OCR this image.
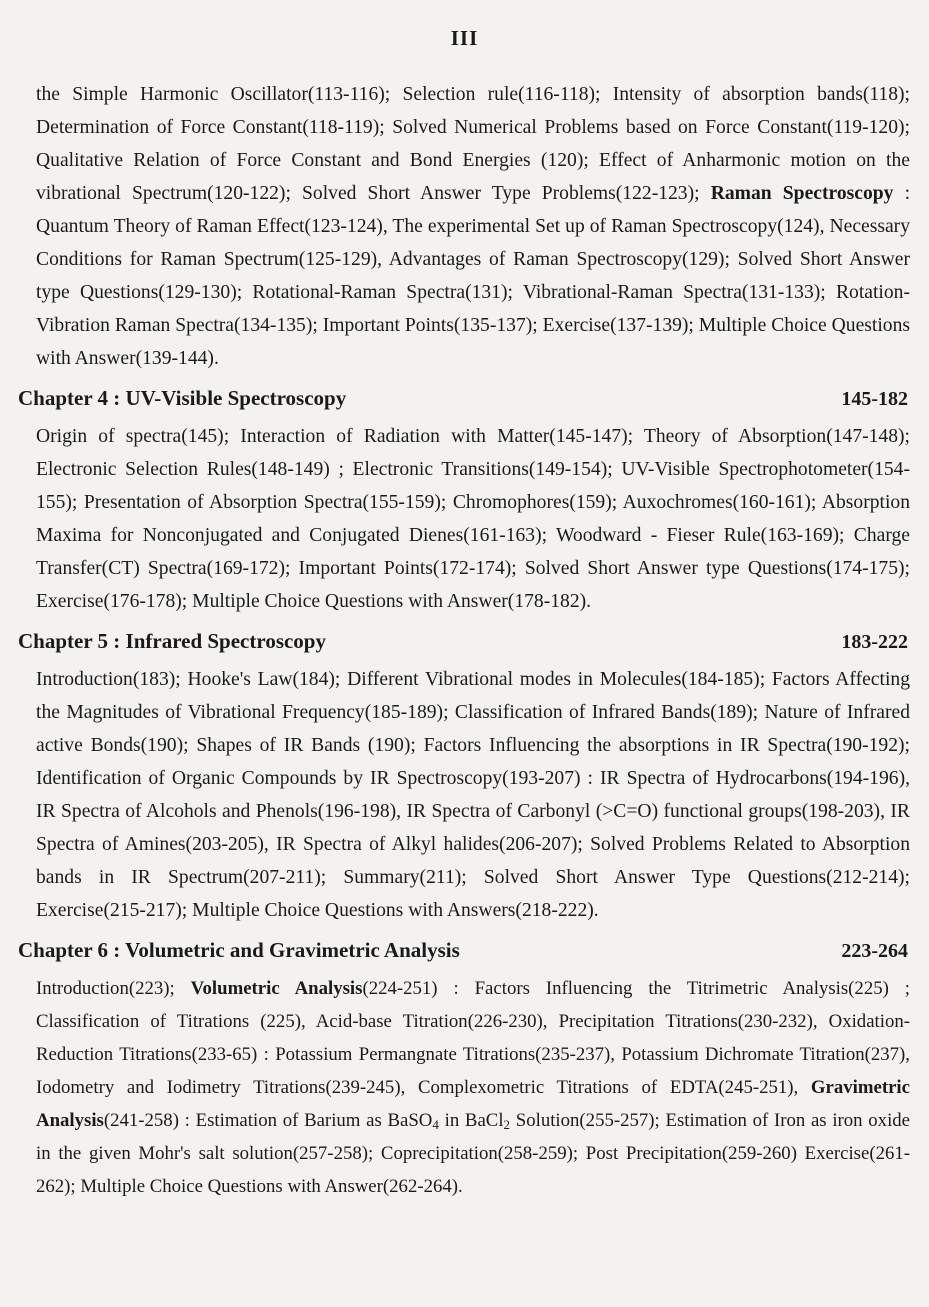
III

the Simple Harmonic Oscillator(113-116); Selection rule(116-118); Intensity of absorption bands(118); Determination of Force Constant(118-119); Solved Numerical Problems based on Force Constant(119-120); Qualitative Relation of Force Constant and Bond Energies (120); Effect of Anharmonic motion on the vibrational Spectrum(120-122); Solved Short Answer Type Problems(122-123); Raman Spectroscopy : Quantum Theory of Raman Effect(123-124), The experimental Set up of Raman Spectroscopy(124), Necessary Conditions for Raman Spectrum(125-129), Advantages of Raman Spectroscopy(129); Solved Short Answer type Questions(129-130); Rotational-Raman Spectra(131); Vibrational-Raman Spectra(131-133); Rotation-Vibration Raman Spectra(134-135); Important Points(135-137); Exercise(137-139); Multiple Choice Questions with Answer(139-144).

Chapter 4 : UV-Visible Spectroscopy	145-182

Origin of spectra(145); Interaction of Radiation with Matter(145-147); Theory of Absorption(147-148); Electronic Selection Rules(148-149) ; Electronic Transitions(149-154); UV-Visible Spectrophotometer(154-155); Presentation of Absorption Spectra(155-159); Chromophores(159); Auxochromes(160-161); Absorption Maxima for Nonconjugated and Conjugated Dienes(161-163); Woodward - Fieser Rule(163-169); Charge Transfer(CT) Spectra(169-172); Important Points(172-174); Solved Short Answer type Questions(174-175); Exercise(176-178); Multiple Choice Questions with Answer(178-182).

Chapter 5 : Infrared Spectroscopy	183-222

Introduction(183); Hooke's Law(184); Different Vibrational modes in Molecules(184-185); Factors Affecting the Magnitudes of Vibrational Frequency(185-189); Classification of Infrared Bands(189); Nature of Infrared active Bonds(190); Shapes of IR Bands (190); Factors Influencing the absorptions in IR Spectra(190-192); Identification of Organic Compounds by IR Spectroscopy(193-207) : IR Spectra of Hydrocarbons(194-196), IR Spectra of Alcohols and Phenols(196-198), IR Spectra of Carbonyl (>C=O) functional groups(198-203), IR Spectra of Amines(203-205), IR Spectra of Alkyl halides(206-207); Solved Problems Related to Absorption bands in IR Spectrum(207-211); Summary(211); Solved Short Answer Type Questions(212-214); Exercise(215-217); Multiple Choice Questions with Answers(218-222).

Chapter 6 : Volumetric and Gravimetric Analysis	223-264

Introduction(223); Volumetric Analysis(224-251) : Factors Influencing the Titrimetric Analysis(225) ; Classification of Titrations (225), Acid-base Titration(226-230), Precipitation Titrations(230-232), Oxidation-Reduction Titrations(233-65) : Potassium Permangnate Titrations(235-237), Potassium Dichromate Titration(237), Iodometry and Iodimetry Titrations(239-245), Complexometric Titrations of EDTA(245-251), Gravimetric Analysis(241-258) : Estimation of Barium as BaSO$_4$ in BaCl$_2$ Solution(255-257); Estimation of Iron as iron oxide in the given Mohr's salt solution(257-258); Coprecipitation(258-259); Post Precipitation(259-260) Exercise(261-262); Multiple Choice Questions with Answer(262-264).
